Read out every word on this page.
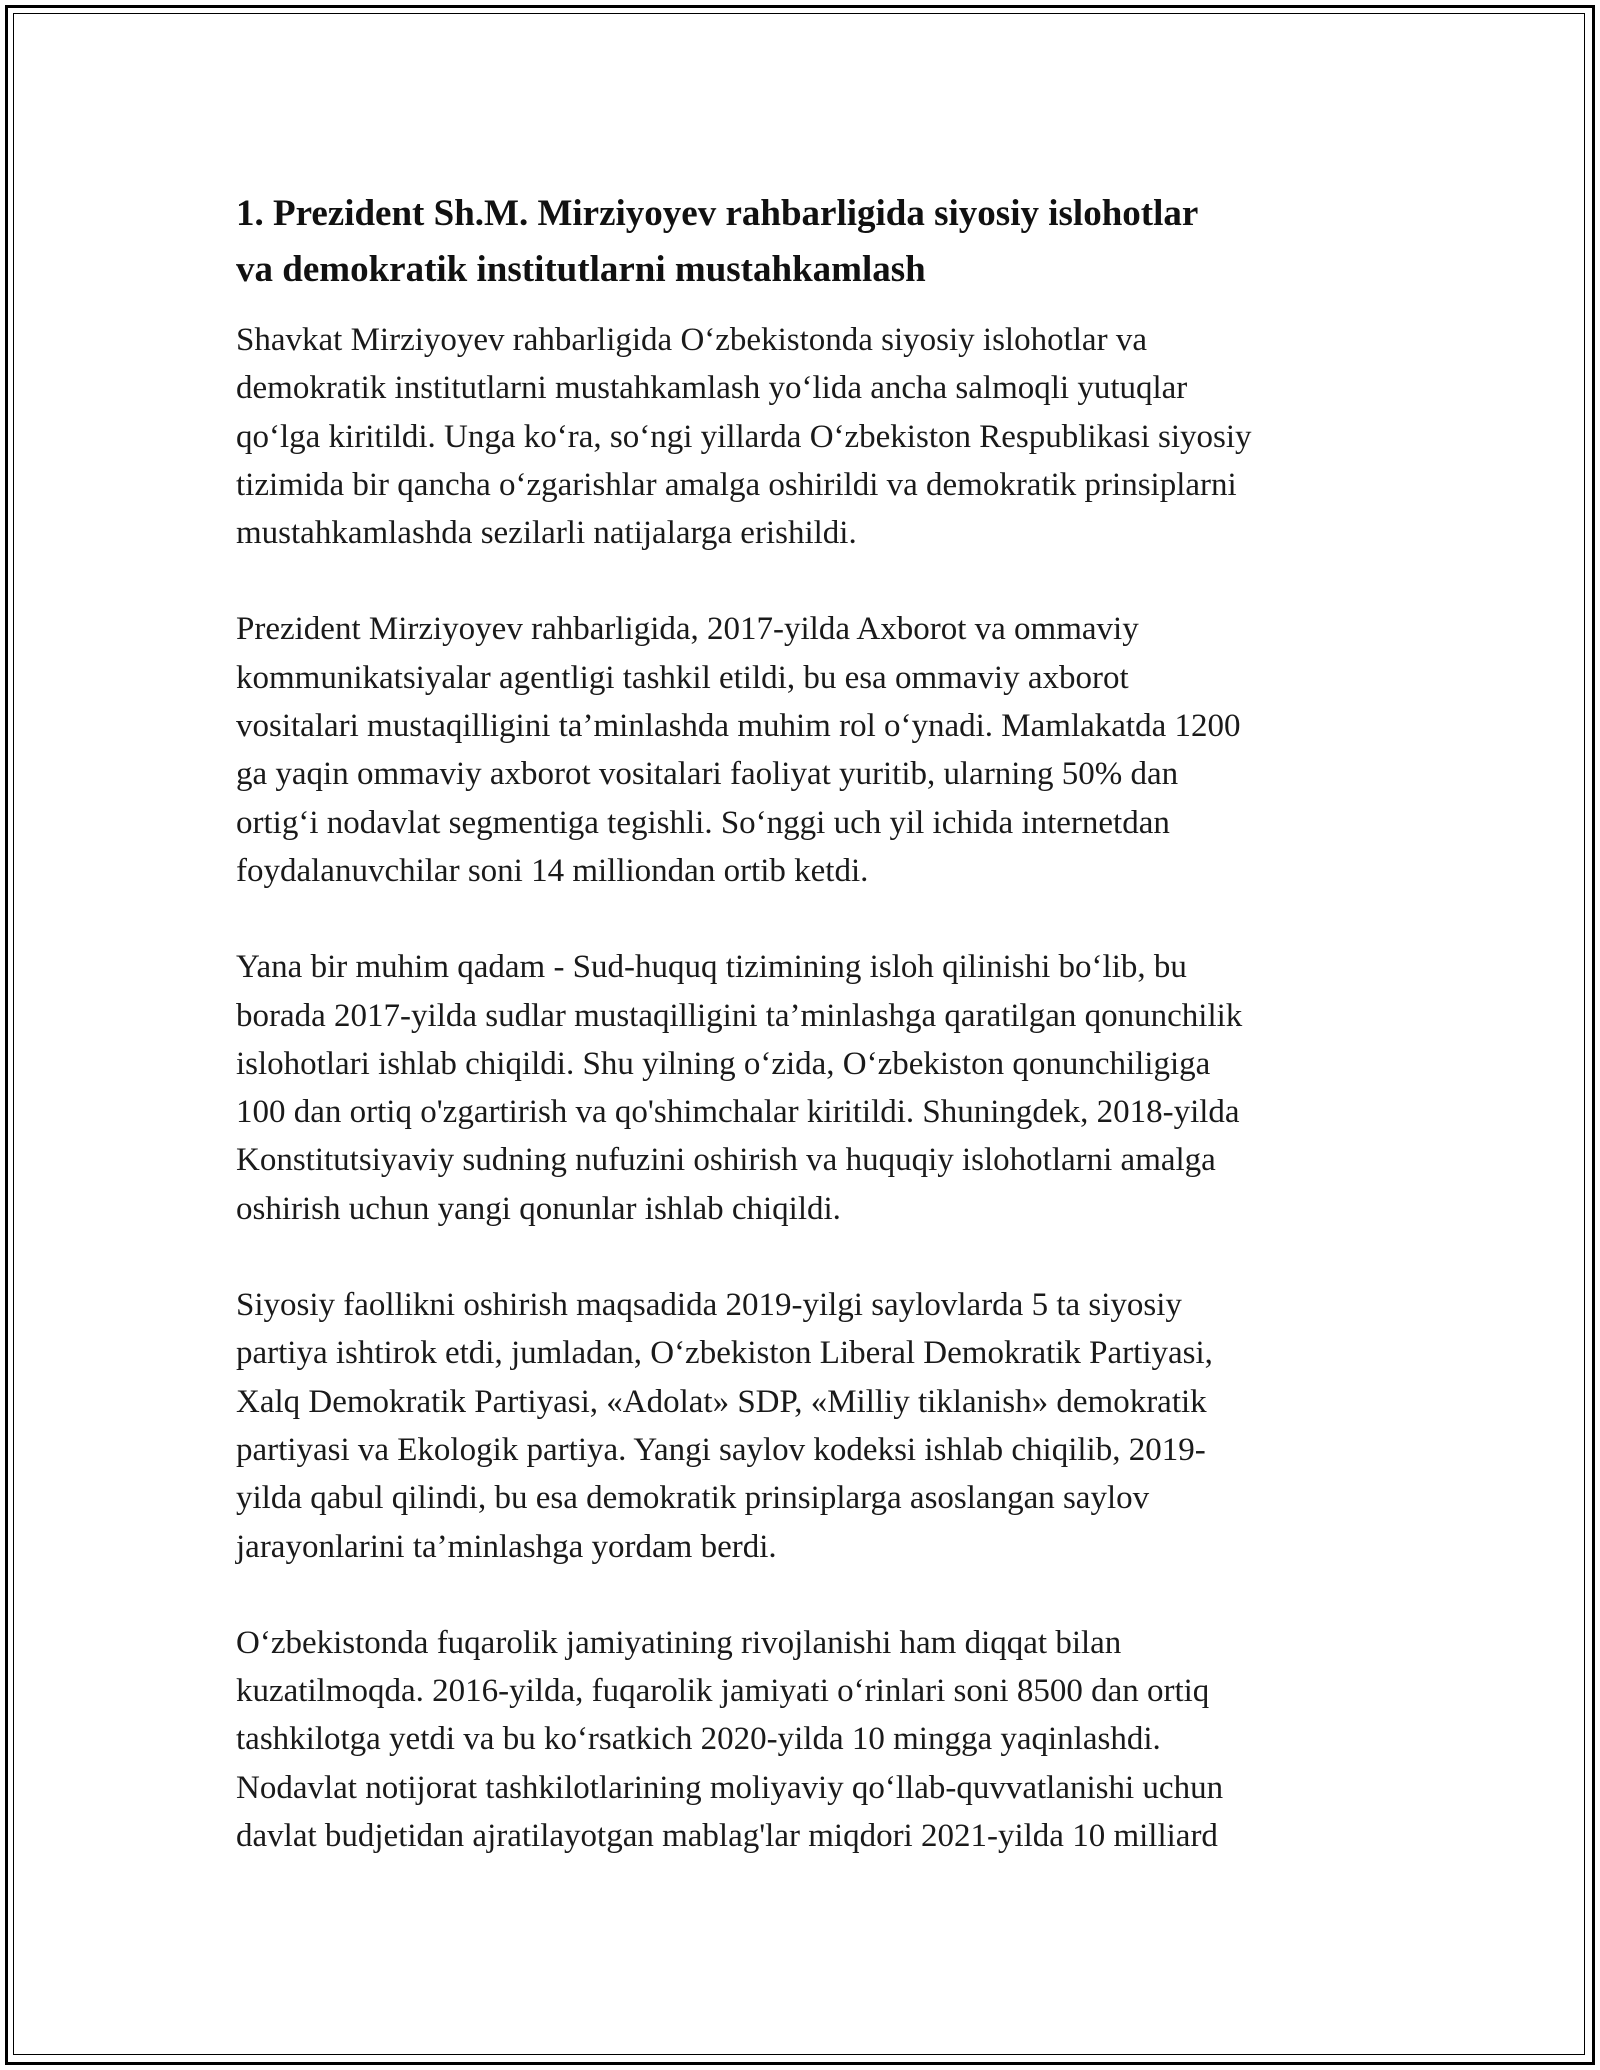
1. Prezident Sh.M. Mirziyoyev rahbarligida siyosiy islohotlar
va demokratik institutlarni mustahkamlash

Shavkat Mirziyoyev rahbarligida O‘zbekistonda siyosiy islohotlar va
demokratik institutlarni mustahkamlash yo‘lida ancha salmoqli yutuqlar
qo‘lga kiritildi. Unga ko‘ra, so‘ngi yillarda O‘zbekiston Respublikasi siyosiy
tizimida bir qancha o‘zgarishlar amalga oshirildi va demokratik prinsiplarni
mustahkamlashda sezilarli natijalarga erishildi.

Prezident Mirziyoyev rahbarligida, 2017-yilda Axborot va ommaviy
kommunikatsiyalar agentligi tashkil etildi, bu esa ommaviy axborot
vositalari mustaqilligini ta’minlashda muhim rol o‘ynadi. Mamlakatda 1200
ga yaqin ommaviy axborot vositalari faoliyat yuritib, ularning 50% dan
ortig‘i nodavlat segmentiga tegishli. So‘nggi uch yil ichida internetdan
foydalanuvchilar soni 14 milliondan ortib ketdi.

Yana bir muhim qadam - Sud-huquq tizimining isloh qilinishi bo‘lib, bu
borada 2017-yilda sudlar mustaqilligini ta’minlashga qaratilgan qonunchilik
islohotlari ishlab chiqildi. Shu yilning o‘zida, O‘zbekiston qonunchiligiga
100 dan ortiq o'zgartirish va qo'shimchalar kiritildi. Shuningdek, 2018-yilda
Konstitutsiyaviy sudning nufuzini oshirish va huquqiy islohotlarni amalga
oshirish uchun yangi qonunlar ishlab chiqildi.

Siyosiy faollikni oshirish maqsadida 2019-yilgi saylovlarda 5 ta siyosiy
partiya ishtirok etdi, jumladan, O‘zbekiston Liberal Demokratik Partiyasi,
Xalq Demokratik Partiyasi, «Adolat» SDP, «Milliy tiklanish» demokratik
partiyasi va Ekologik partiya. Yangi saylov kodeksi ishlab chiqilib, 2019-
yilda qabul qilindi, bu esa demokratik prinsiplarga asoslangan saylov
jarayonlarini ta’minlashga yordam berdi.

O‘zbekistonda fuqarolik jamiyatining rivojlanishi ham diqqat bilan
kuzatilmoqda. 2016-yilda, fuqarolik jamiyati o‘rinlari soni 8500 dan ortiq
tashkilotga yetdi va bu ko‘rsatkich 2020-yilda 10 mingga yaqinlashdi.
Nodavlat notijorat tashkilotlarining moliyaviy qo‘llab-quvvatlanishi uchun
davlat budjetidan ajratilayotgan mablag'lar miqdori 2021-yilda 10 milliard
